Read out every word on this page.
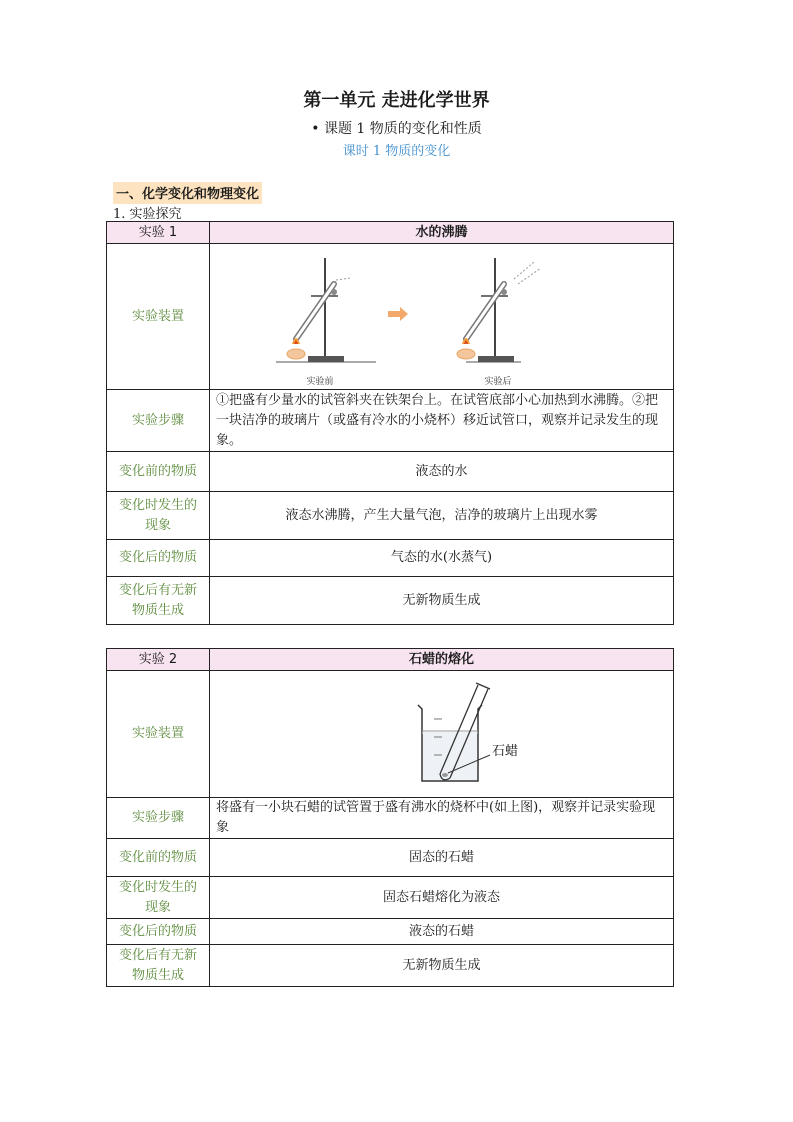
第一单元 走进化学世界
• 课题 1 物质的变化和性质
课时 1 物质的变化
一、化学变化和物理变化
1. 实验探究
实验 1	水的沸腾
实验装置	实验前 实验后

实验步骤	①把盛有少量水的试管斜夹在铁架台上。在试管底部小心加热到水沸腾。②把一块洁净的玻璃片（或盛有冷水的小烧杯）移近试管口，观察并记录发生的现象。
变化前的物质	液态的水
变化时发生的现象	液态水沸腾，产生大量气泡，洁净的玻璃片上出现水雾
变化后的物质	气态的水(水蒸气)
变化后有无新物质生成	无新物质生成
实验 2	石蜡的熔化
实验装置	石蜡

实验步骤	将盛有一小块石蜡的试管置于盛有沸水的烧杯中(如上图)，观察并记录实验现象
变化前的物质	固态的石蜡
变化时发生的现象	固态石蜡熔化为液态
变化后的物质	液态的石蜡
变化后有无新物质生成	无新物质生成
